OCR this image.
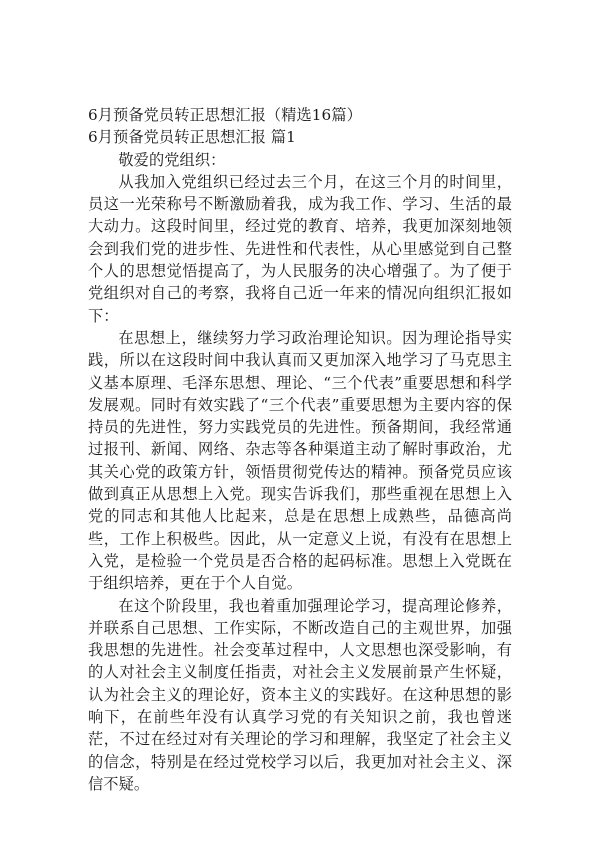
6月预备党员转正思想汇报（精选16篇）

6月预备党员转正思想汇报 篇1

敬爱的党组织：

从我加入党组织已经过去三个月，在这三个月的时间里，员这一光荣称号不断激励着我，成为我工作、学习、生活的最大动力。这段时间里，经过党的教育、培养，我更加深刻地领会到我们党的进步性、先进性和代表性，从心里感觉到自己整个人的思想觉悟提高了，为人民服务的决心增强了。为了便于党组织对自己的考察，我将自己近一年来的情况向组织汇报如下：

在思想上，继续努力学习政治理论知识。因为理论指导实践，所以在这段时间中我认真而又更加深入地学习了马克思主义基本原理、毛泽东思想、理论、“三个代表”重要思想和科学发展观。同时有效实践了“三个代表”重要思想为主要内容的保持员的先进性，努力实践党员的先进性。预备期间，我经常通过报刊、新闻、网络、杂志等各种渠道主动了解时事政治，尤其关心党的政策方针，领悟贯彻党传达的精神。预备党员应该做到真正从思想上入党。现实告诉我们，那些重视在思想上入党的同志和其他人比起来，总是在思想上成熟些，品德高尚些，工作上积极些。因此，从一定意义上说，有没有在思想上入党，是检验一个党员是否合格的起码标准。思想上入党既在于组织培养，更在于个人自觉。

在这个阶段里，我也着重加强理论学习，提高理论修养，并联系自己思想、工作实际，不断改造自己的主观世界，加强我思想的先进性。社会变革过程中，人文思想也深受影响，有的人对社会主义制度任指责，对社会主义发展前景产生怀疑，认为社会主义的理论好，资本主义的实践好。在这种思想的影响下，在前些年没有认真学习党的有关知识之前，我也曾迷茫，不过在经过对有关理论的学习和理解，我坚定了社会主义的信念，特别是在经过党校学习以后，我更加对社会主义、深信不疑。
